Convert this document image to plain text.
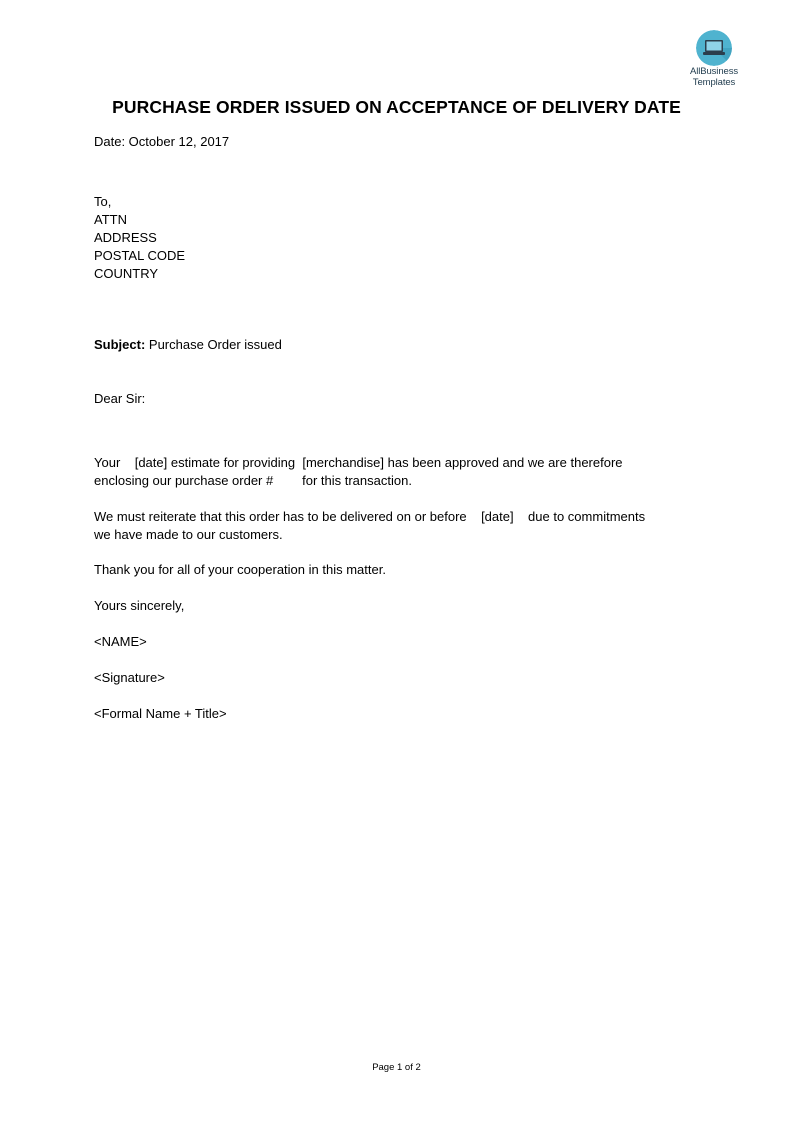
AllBusiness
Templates
PURCHASE ORDER ISSUED ON ACCEPTANCE OF DELIVERY DATE
Date: October 12, 2017
To,
ATTN
ADDRESS
POSTAL CODE
COUNTRY
Subject: Purchase Order issued
Dear Sir:
Your    [date] estimate for providing  [merchandise] has been approved and we are therefore
enclosing our purchase order #        for this transaction.
We must reiterate that this order has to be delivered on or before    [date]    due to commitments
we have made to our customers.
Thank you for all of your cooperation in this matter.
Yours sincerely,
<NAME>
<Signature>
<Formal Name + Title>
Page 1 of 2
